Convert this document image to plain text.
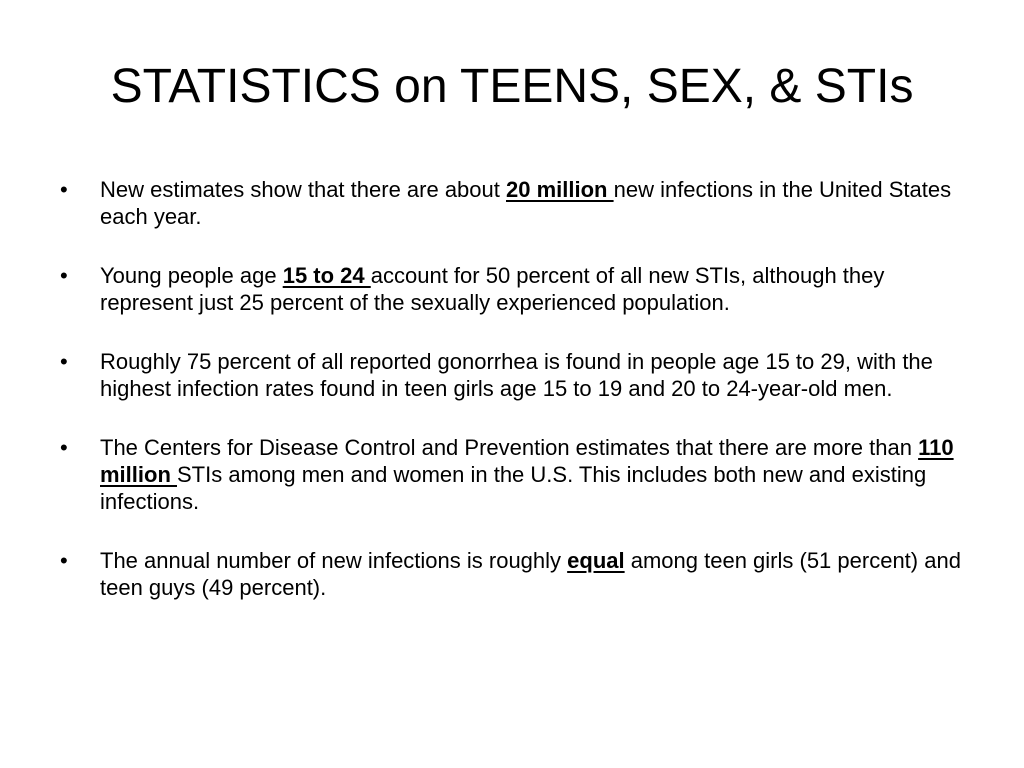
STATISTICS on TEENS, SEX, & STIs
•	New estimates show that there are about 20 million new infections in the United States each year.
•	Young people age 15 to 24 account for 50 percent of all new STIs, although they represent just 25 percent of the sexually experienced population.
•	Roughly 75 percent of all reported gonorrhea is found in people age 15 to 29, with the highest infection rates found in teen girls age 15 to 19 and 20 to 24-year-old men.
•	The Centers for Disease Control and Prevention estimates that there are more than 110 million STIs among men and women in the U.S. This includes both new and existing infections.
•	The annual number of new infections is roughly equal among teen girls (51 percent) and teen guys (49 percent).
